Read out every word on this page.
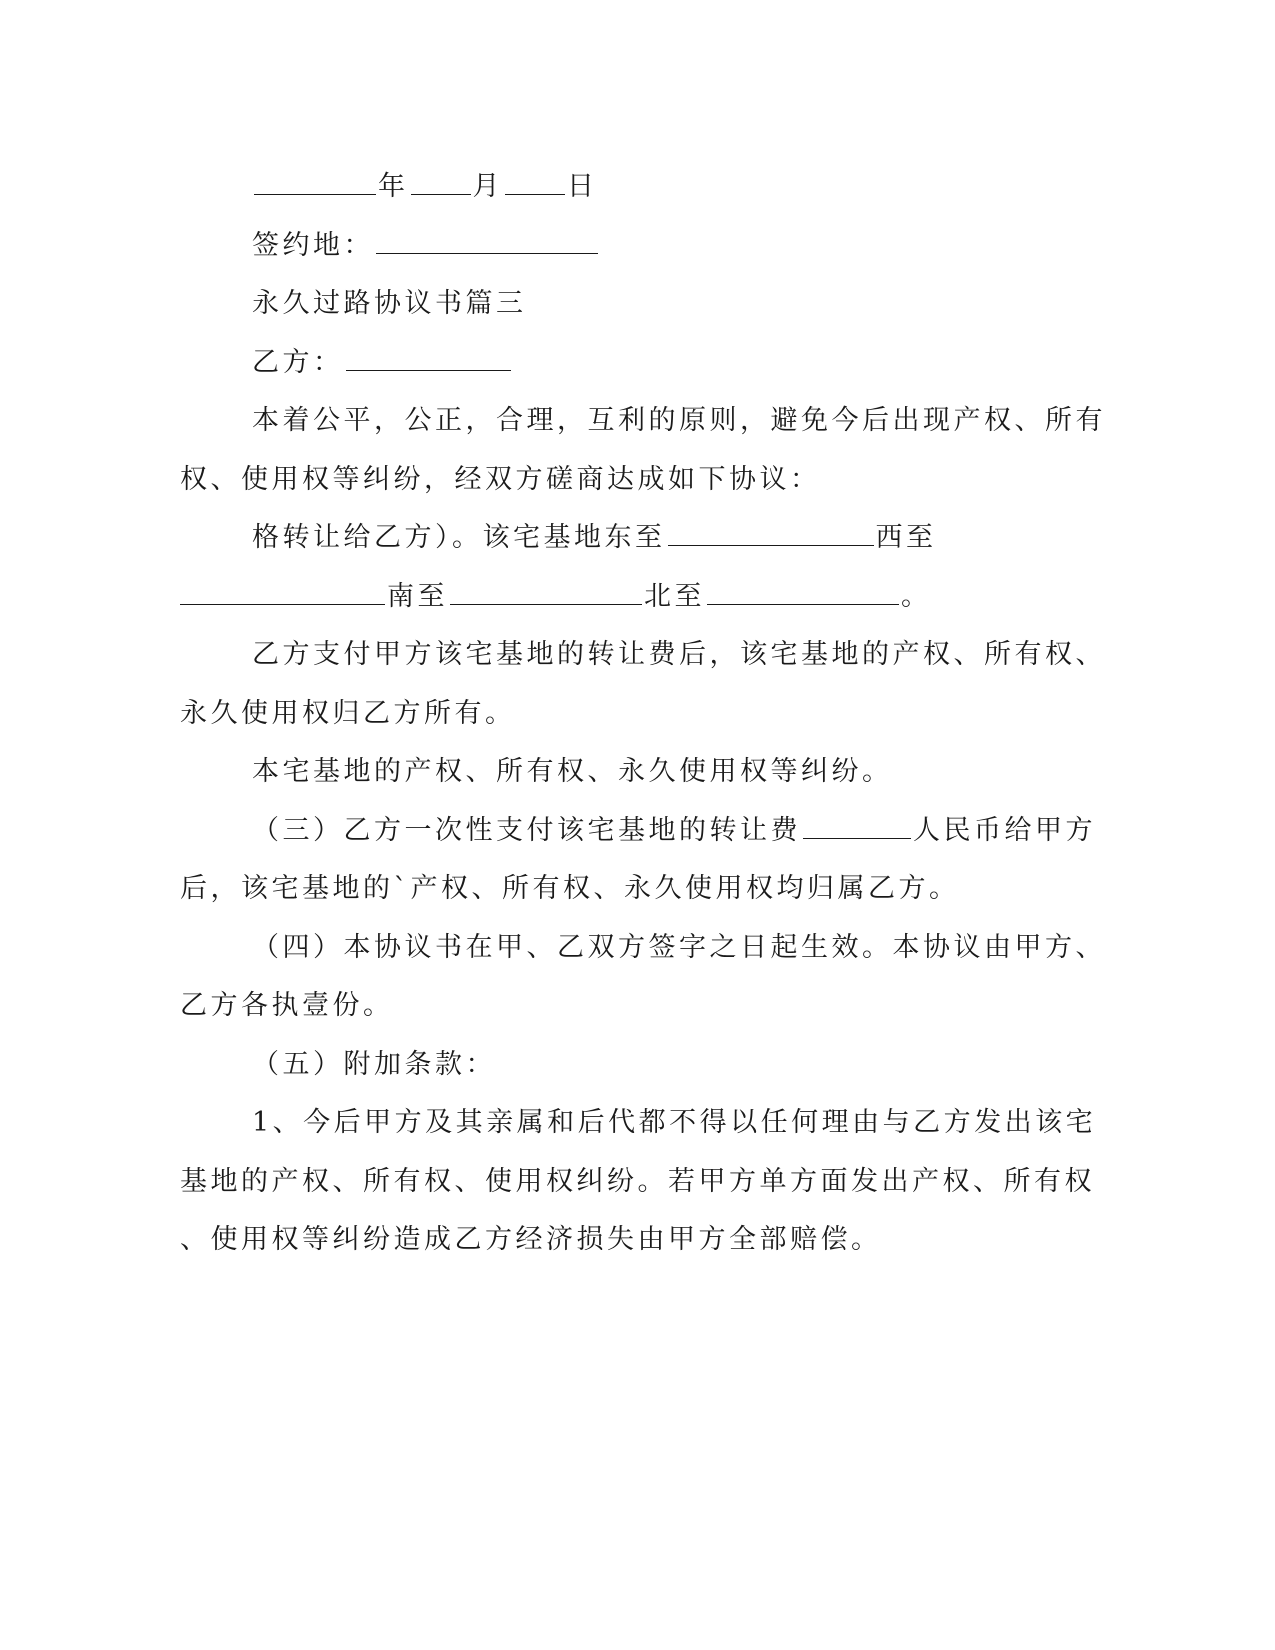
年 月 日
签约地：
永久过路协议书篇三
乙方：
本着公平，公正，合理，互利的原则，避免今后出现产权、所有
权、使用权等纠纷，经双方磋商达成如下协议：
格转让给乙方）。该宅基地东至	西至
南至	北至	。
乙方支付甲方该宅基地的转让费后，该宅基地的产权、所有权、
永久使用权归乙方所有。
本宅基地的产权、所有权、永久使用权等纠纷。
（三）乙方一次性支付该宅基地的转让费	人民币给甲方
后，该宅基地的`产权、所有权、永久使用权均归属乙方。
（四）本协议书在甲、乙双方签字之日起生效。本协议由甲方、
乙方各执壹份。
（五）附加条款：
1、今后甲方及其亲属和后代都不得以任何理由与乙方发出该宅
基地的产权、所有权、使用权纠纷。若甲方单方面发出产权、所有权
、使用权等纠纷造成乙方经济损失由甲方全部赔偿。
